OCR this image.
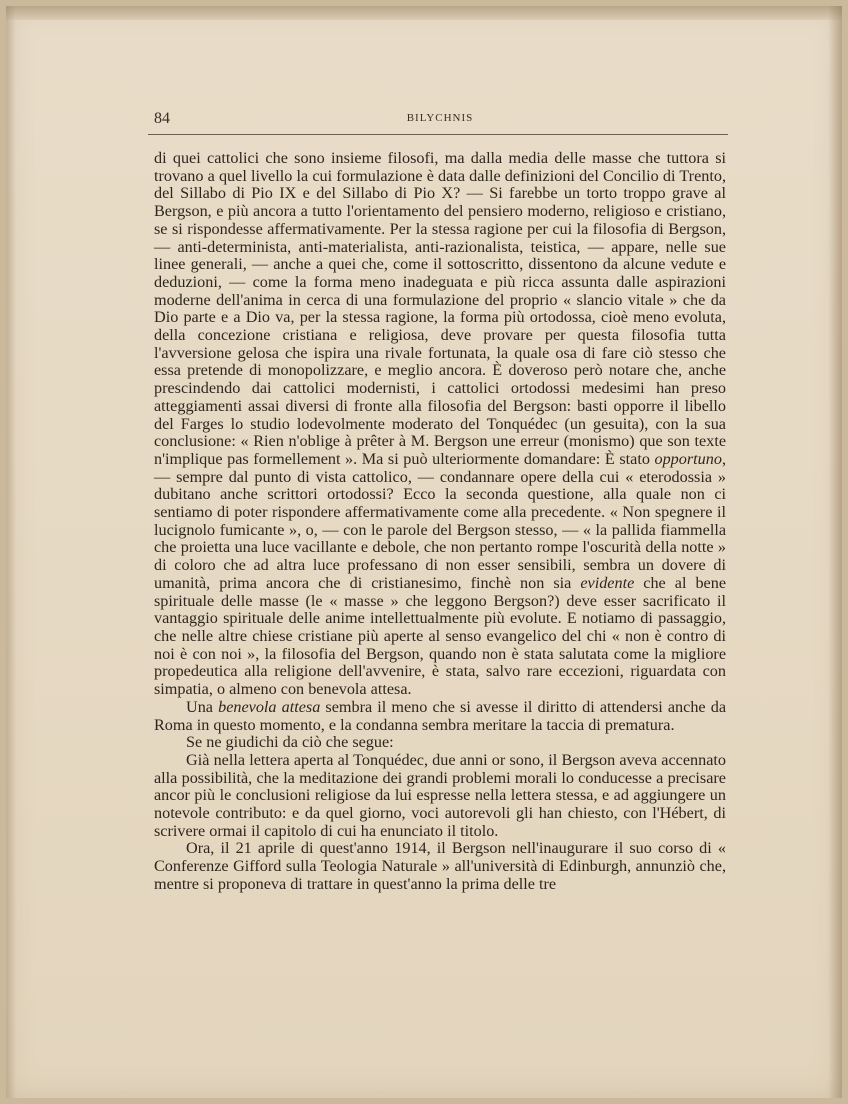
84	BILYCHNIS

di quei cattolici che sono insieme filosofi, ma dalla media delle masse che tuttora si trovano a quel livello la cui formulazione è data dalle definizioni del Concilio di Trento, del Sillabo di Pio IX e del Sillabo di Pio X? — Si farebbe un torto troppo grave al Bergson, e più ancora a tutto l'orientamento del pensiero moderno, religioso e cristiano, se si rispondesse affermativamente. Per la stessa ragione per cui la filosofia di Bergson, — anti-determinista, anti-materialista, anti-razionalista, teistica, — appare, nelle sue linee generali, — anche a quei che, come il sottoscritto, dissentono da alcune vedute e deduzioni, — come la forma meno inadeguata e più ricca assunta dalle aspirazioni moderne dell'anima in cerca di una formulazione del proprio « slancio vitale » che da Dio parte e a Dio va, per la stessa ragione, la forma più ortodossa, cioè meno evoluta, della concezione cristiana e religiosa, deve provare per questa filosofia tutta l'avversione gelosa che ispira una rivale fortunata, la quale osa di fare ciò stesso che essa pretende di monopolizzare, e meglio ancora. È doveroso però notare che, anche prescindendo dai cattolici modernisti, i cattolici ortodossi medesimi han preso atteggiamenti assai diversi di fronte alla filosofia del Bergson: basti opporre il libello del Farges lo studio lodevolmente moderato del Tonquédec (un gesuita), con la sua conclusione: « Rien n'oblige à prêter à M. Bergson une erreur (monismo) que son texte n'implique pas formellement ». Ma si può ulteriormente domandare: È stato opportuno, — sempre dal punto di vista cattolico, — condannare opere della cui « eterodossia » dubitano anche scrittori ortodossi? Ecco la seconda questione, alla quale non ci sentiamo di poter rispondere affermativamente come alla precedente. « Non spegnere il lucignolo fumicante », o, — con le parole del Bergson stesso, — « la pallida fiammella che proietta una luce vacillante e debole, che non pertanto rompe l'oscurità della notte » di coloro che ad altra luce professano di non esser sensibili, sembra un dovere di umanità, prima ancora che di cristianesimo, finchè non sia evidente che al bene spirituale delle masse (le « masse » che leggono Bergson?) deve esser sacrificato il vantaggio spirituale delle anime intellettualmente più evolute. E notiamo di passaggio, che nelle altre chiese cristiane più aperte al senso evangelico del chi « non è contro di noi è con noi », la filosofia del Bergson, quando non è stata salutata come la migliore propedeutica alla religione dell'avvenire, è stata, salvo rare eccezioni, riguardata con simpatia, o almeno con benevola attesa.

Una benevola attesa sembra il meno che si avesse il diritto di attendersi anche da Roma in questo momento, e la condanna sembra meritare la taccia di prematura.

Se ne giudichi da ciò che segue:

Già nella lettera aperta al Tonquédec, due anni or sono, il Bergson aveva accennato alla possibilità, che la meditazione dei grandi problemi morali lo conducesse a precisare ancor più le conclusioni religiose da lui espresse nella lettera stessa, e ad aggiungere un notevole contributo: e da quel giorno, voci autorevoli gli han chiesto, con l'Hébert, di scrivere ormai il capitolo di cui ha enunciato il titolo.

Ora, il 21 aprile di quest'anno 1914, il Bergson nell'inaugurare il suo corso di « Conferenze Gifford sulla Teologia Naturale » all'università di Edinburgh, annunziò che, mentre si proponeva di trattare in quest'anno la prima delle tre
